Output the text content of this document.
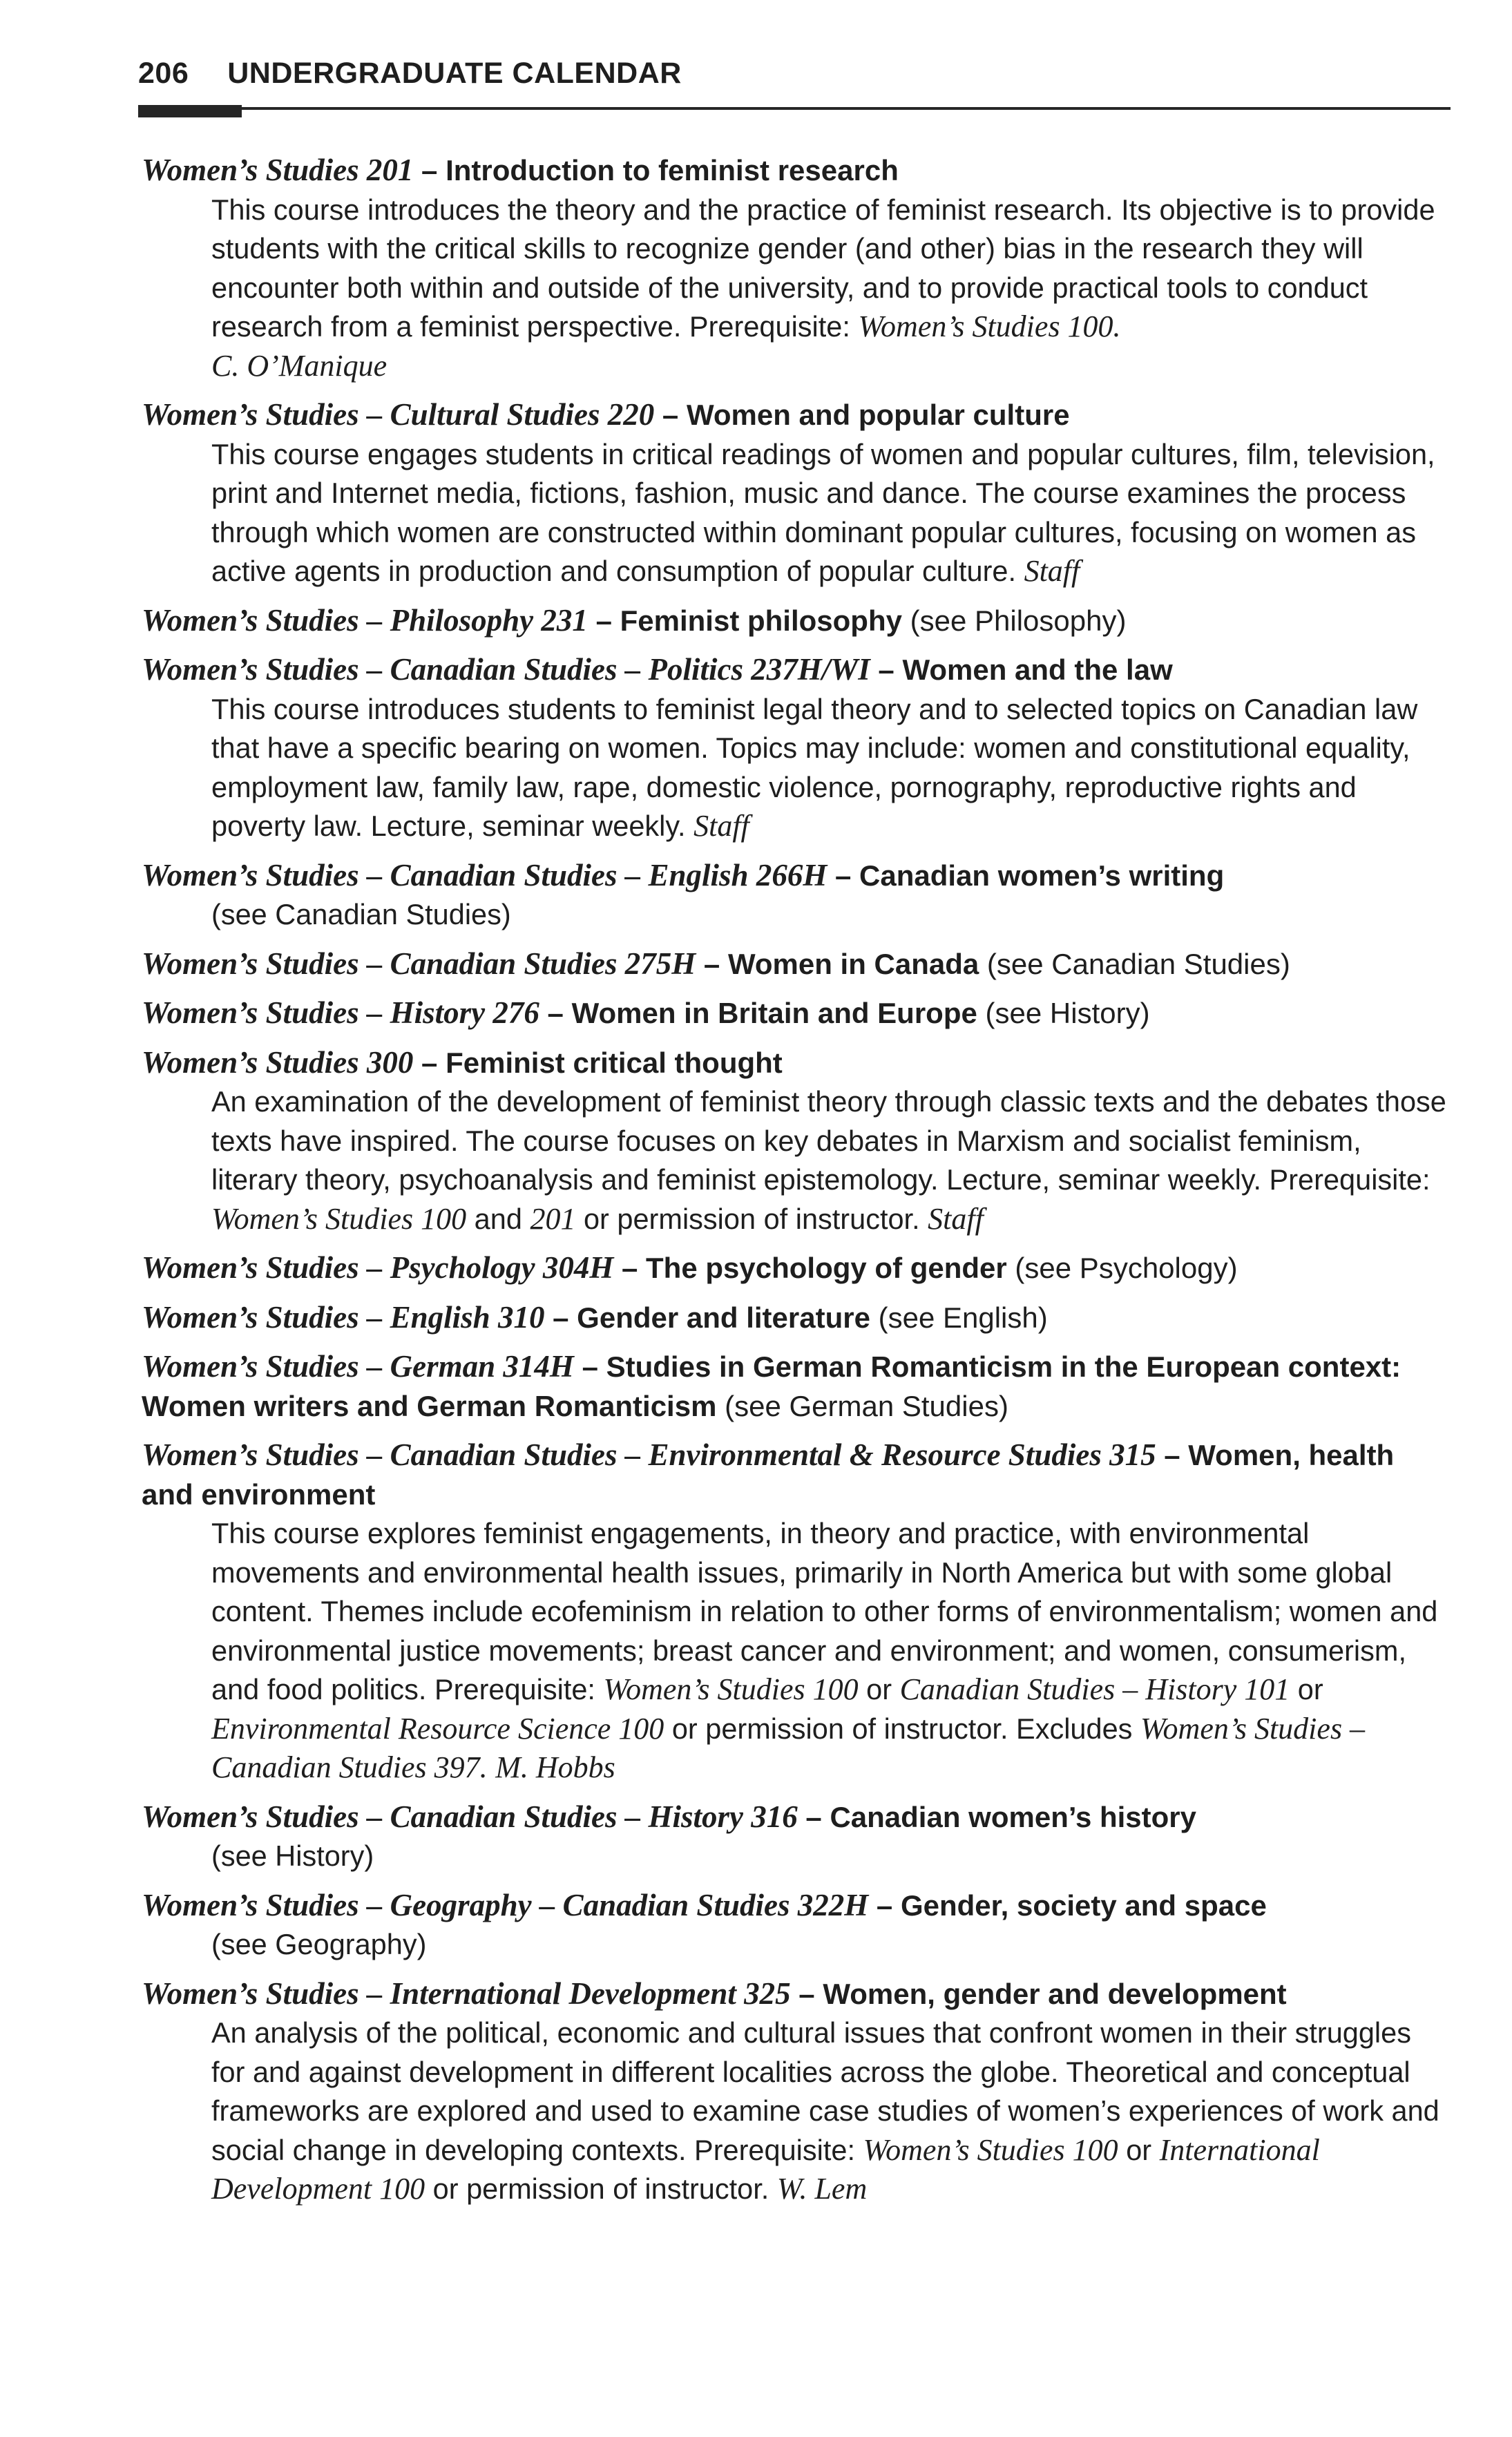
206 UNDERGRADUATE CALENDAR
Women’s Studies 201 – Introduction to feminist research
This course introduces the theory and the practice of feminist research. Its objective is to provide students with the critical skills to recognize gender (and other) bias in the research they will encounter both within and outside of the university, and to provide practical tools to conduct research from a feminist perspective. Prerequisite: Women’s Studies 100.
C. O’Manique
Women’s Studies – Cultural Studies 220 – Women and popular culture
This course engages students in critical readings of women and popular cultures, film, television, print and Internet media, fictions, fashion, music and dance. The course examines the process through which women are constructed within dominant popular cultures, focusing on women as active agents in production and consumption of popular culture. Staff
Women’s Studies – Philosophy 231 – Feminist philosophy (see Philosophy)
Women’s Studies – Canadian Studies – Politics 237H/WI – Women and the law
This course introduces students to feminist legal theory and to selected topics on Canadian law that have a specific bearing on women. Topics may include: women and constitutional equality, employment law, family law, rape, domestic violence, pornography, reproductive rights and poverty law. Lecture, seminar weekly. Staff
Women’s Studies – Canadian Studies – English 266H – Canadian women’s writing
(see Canadian Studies)
Women’s Studies – Canadian Studies 275H – Women in Canada (see Canadian Studies)
Women’s Studies – History 276 – Women in Britain and Europe (see History)
Women’s Studies 300 – Feminist critical thought
An examination of the development of feminist theory through classic texts and the debates those texts have inspired. The course focuses on key debates in Marxism and socialist feminism, literary theory, psychoanalysis and feminist epistemology. Lecture, seminar weekly. Prerequisite: Women’s Studies 100 and 201 or permission of instructor. Staff
Women’s Studies – Psychology 304H – The psychology of gender (see Psychology)
Women’s Studies – English 310 – Gender and literature (see English)
Women’s Studies – German 314H – Studies in German Romanticism in the European context: Women writers and German Romanticism (see German Studies)
Women’s Studies – Canadian Studies – Environmental & Resource Studies 315 – Women, health and environment
This course explores feminist engagements, in theory and practice, with environmental movements and environmental health issues, primarily in North America but with some global content. Themes include ecofeminism in relation to other forms of environmentalism; women and environmental justice movements; breast cancer and environment; and women, consumerism, and food politics. Prerequisite: Women’s Studies 100 or Canadian Studies – History 101 or Environmental Resource Science 100 or permission of instructor. Excludes Women’s Studies – Canadian Studies 397. M. Hobbs
Women’s Studies – Canadian Studies – History 316 – Canadian women’s history
(see History)
Women’s Studies – Geography – Canadian Studies 322H – Gender, society and space
(see Geography)
Women’s Studies – International Development 325 – Women, gender and development
An analysis of the political, economic and cultural issues that confront women in their struggles for and against development in different localities across the globe. Theoretical and conceptual frameworks are explored and used to examine case studies of women’s experiences of work and social change in developing contexts. Prerequisite: Women’s Studies 100 or International Development 100 or permission of instructor. W. Lem
